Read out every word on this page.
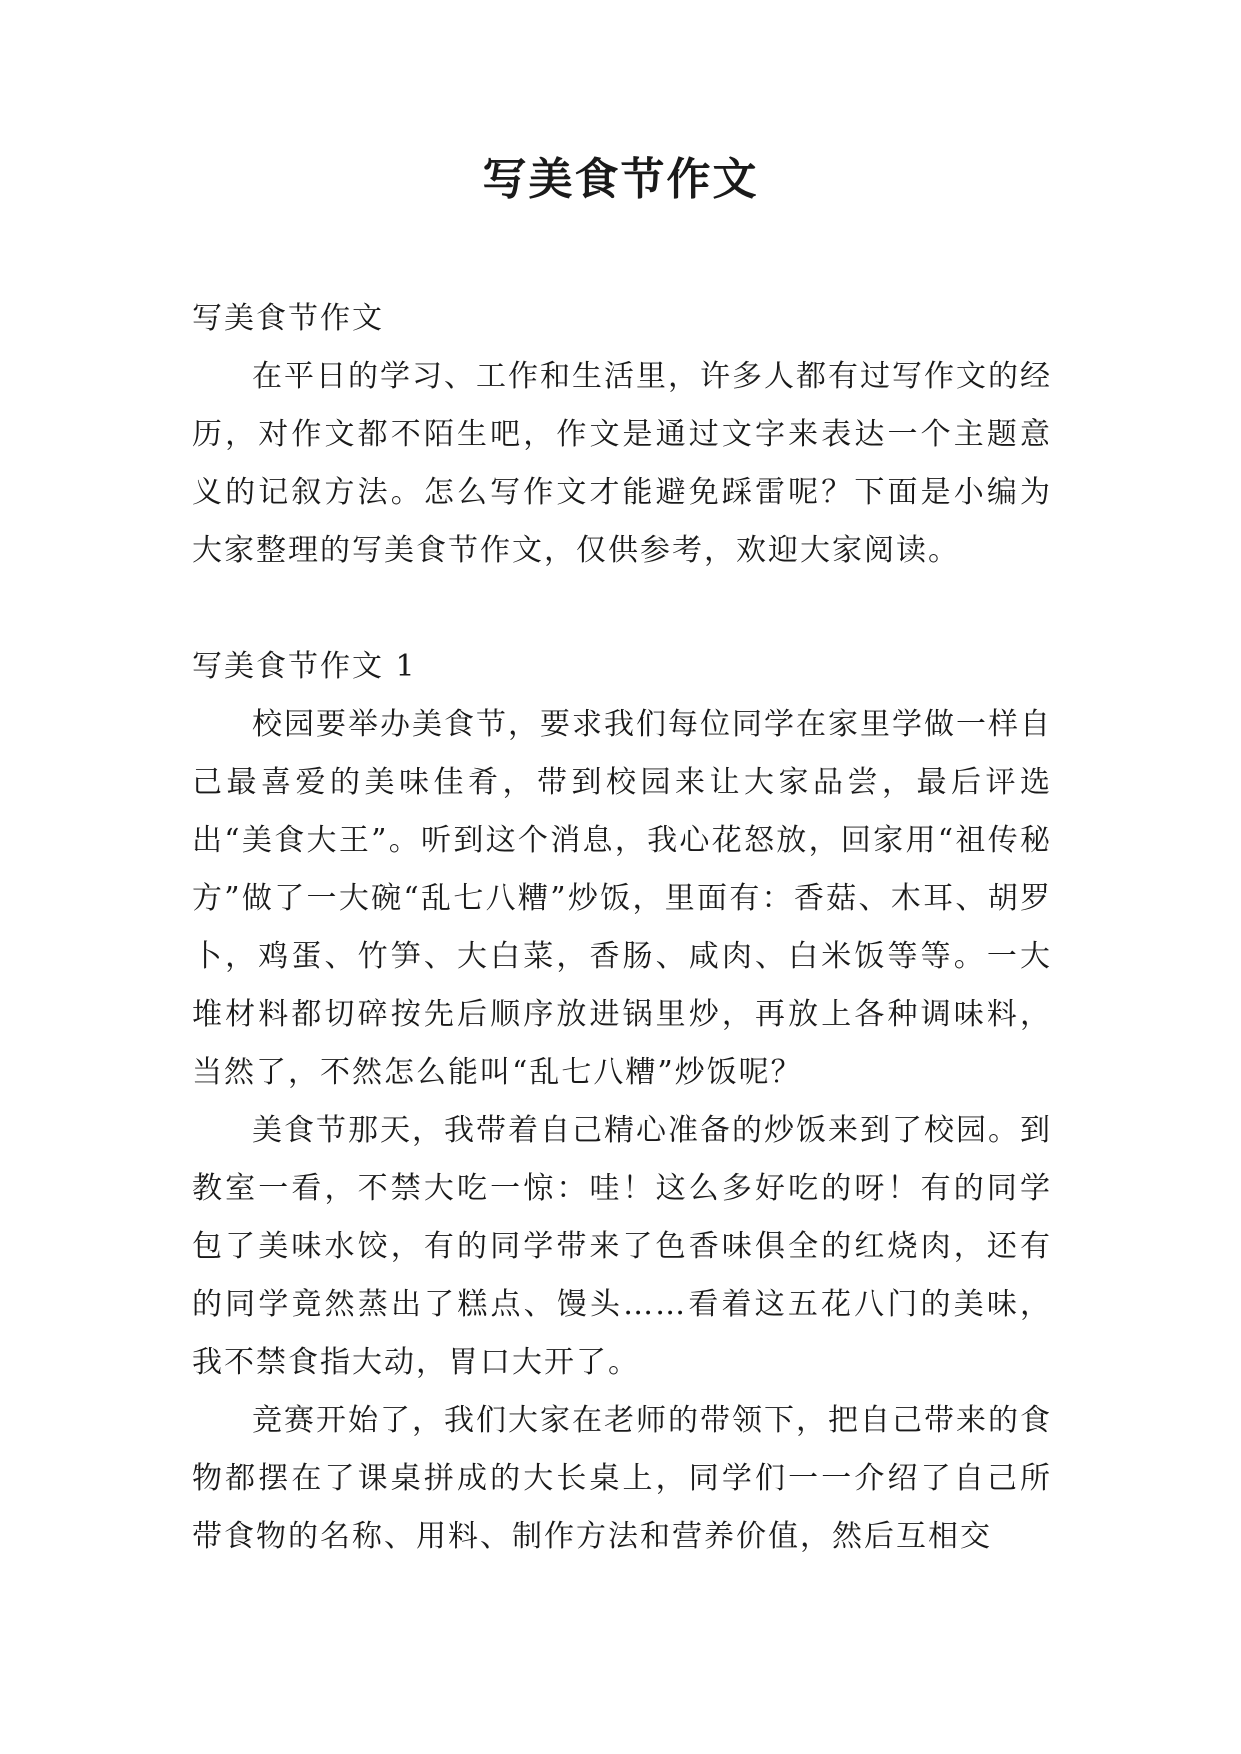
写美食节作文
写美食节作文

在平日的学习、工作和生活里，许多人都有过写作文的经历，对作文都不陌生吧，作文是通过文字来表达一个主题意义的记叙方法。怎么写作文才能避免踩雷呢？下面是小编为大家整理的写美食节作文，仅供参考，欢迎大家阅读。

写美食节作文 1

校园要举办美食节，要求我们每位同学在家里学做一样自己最喜爱的美味佳肴，带到校园来让大家品尝，最后评选出“美食大王”。听到这个消息，我心花怒放，回家用“祖传秘方”做了一大碗“乱七八糟”炒饭，里面有：香菇、木耳、胡罗卜，鸡蛋、竹笋、大白菜，香肠、咸肉、白米饭等等。一大堆材料都切碎按先后顺序放进锅里炒，再放上各种调味料，当然了，不然怎么能叫“乱七八糟”炒饭呢？

美食节那天，我带着自己精心准备的炒饭来到了校园。到教室一看，不禁大吃一惊：哇！这么多好吃的呀！有的同学包了美味水饺，有的同学带来了色香味俱全的红烧肉，还有的同学竟然蒸出了糕点、馒头……看着这五花八门的美味，我不禁食指大动，胃口大开了。

竞赛开始了，我们大家在老师的带领下，把自己带来的食物都摆在了课桌拼成的大长桌上，同学们一一介绍了自己所带食物的名称、用料、制作方法和营养价值，然后互相交
